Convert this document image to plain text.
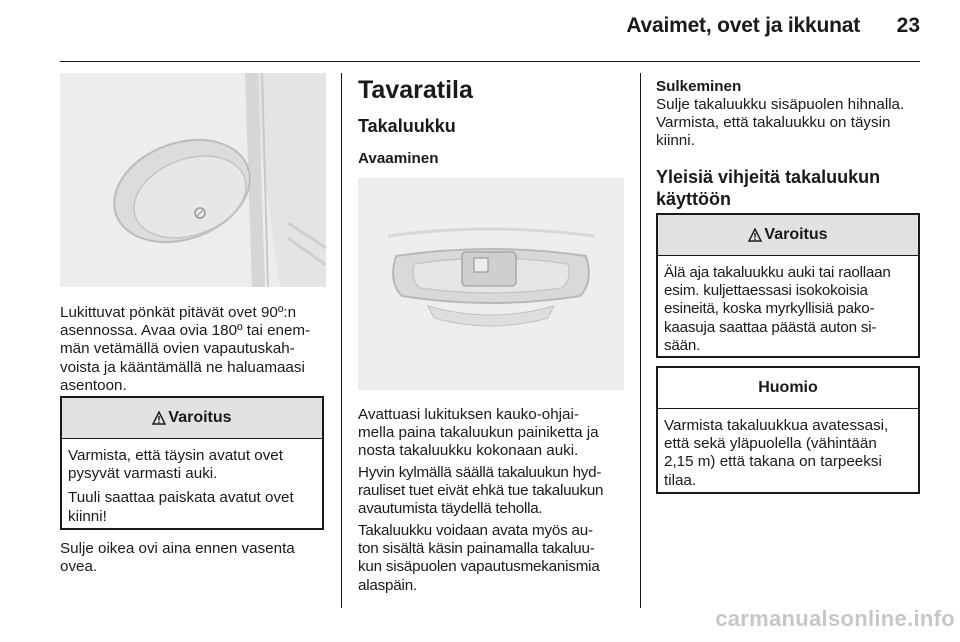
Avaimet, ovet ja ikkunat	23
Lukittuvat pönkät pitävät ovet 90º:n
asennossa. Avaa ovia 180º tai enem-
män vetämällä ovien vapautuskah-
voista ja kääntämällä ne haluamaasi
asentoon.
Varoitus

Varmista, että täysin avatut ovet
pysyvät varmasti auki.

Tuuli saattaa paiskata avatut ovet
kiinni!

Sulje oikea ovi aina ennen vasenta
ovea.
Tavaratila
Takaluukku
Avaaminen
Avattuasi lukituksen kauko-ohjai-
mella paina takaluukun painiketta ja
nosta takaluukku kokonaan auki.
Hyvin kylmällä säällä takaluukun hyd-
rauliset tuet eivät ehkä tue takaluukun
avautumista täydellä teholla.
Takaluukku voidaan avata myös au-
ton sisältä käsin painamalla takaluu-
kun sisäpuolen vapautusmekanismia
alaspäin.
Sulkeminen
Sulje takaluukku sisäpuolen hihnalla.
Varmista, että takaluukku on täysin
kiinni.
Yleisiä vihjeitä takaluukun
käyttöön
Varoitus
Älä aja takaluukku auki tai raollaan
esim. kuljettaessasi isokokoisia
esineitä, koska myrkyllisiä pako-
kaasuja saattaa päästä auton si-
sään.
Huomio
Varmista takaluukkua avatessasi,
että sekä yläpuolella (vähintään
2,15 m) että takana on tarpeeksi
tilaa.
carmanualsonline.info
